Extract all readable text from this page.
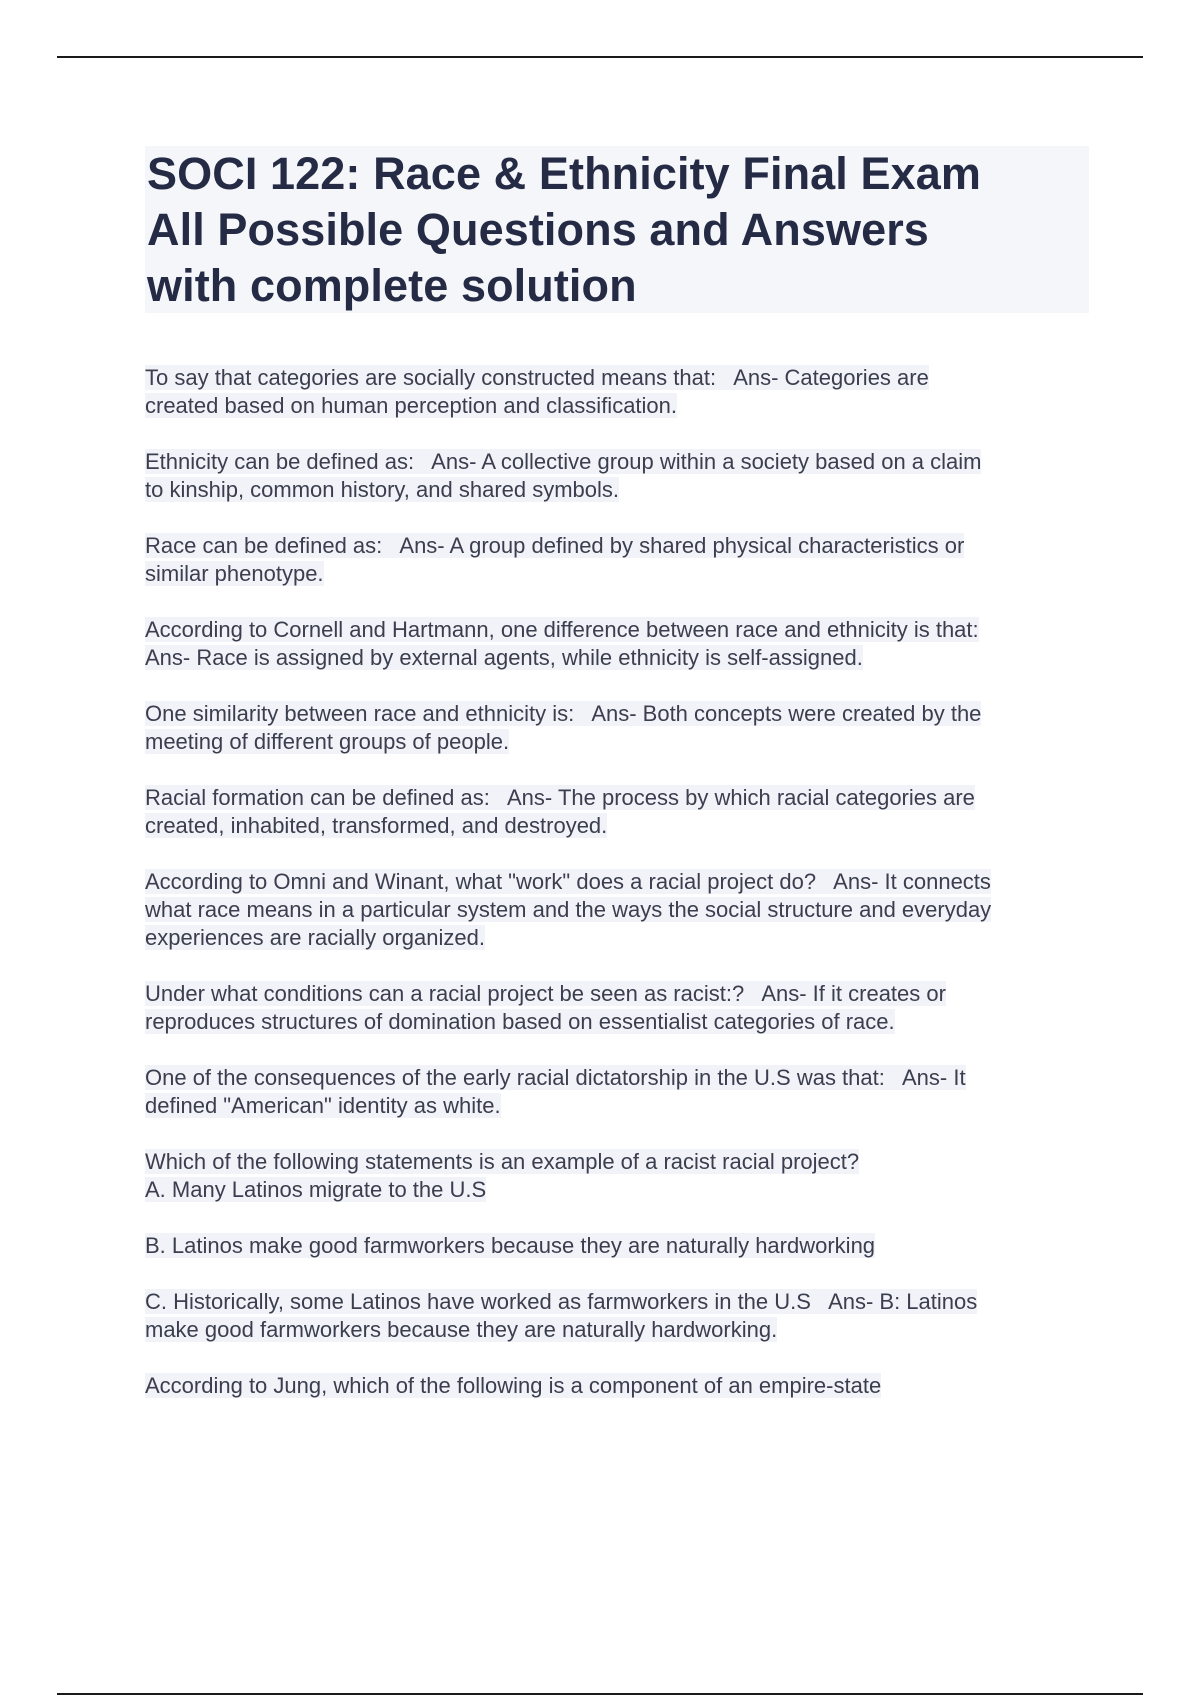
SOCI 122: Race & Ethnicity Final Exam
All Possible Questions and Answers
with complete solution

To say that categories are socially constructed means that:   Ans- Categories are
created based on human perception and classification.

Ethnicity can be defined as:   Ans- A collective group within a society based on a claim
to kinship, common history, and shared symbols.

Race can be defined as:   Ans- A group defined by shared physical characteristics or
similar phenotype.

According to Cornell and Hartmann, one difference between race and ethnicity is that:
Ans- Race is assigned by external agents, while ethnicity is self-assigned.

One similarity between race and ethnicity is:   Ans- Both concepts were created by the
meeting of different groups of people.

Racial formation can be defined as:   Ans- The process by which racial categories are
created, inhabited, transformed, and destroyed.

According to Omni and Winant, what "work" does a racial project do?   Ans- It connects
what race means in a particular system and the ways the social structure and everyday
experiences are racially organized.

Under what conditions can a racial project be seen as racist:?   Ans- If it creates or
reproduces structures of domination based on essentialist categories of race.

One of the consequences of the early racial dictatorship in the U.S was that:   Ans- It
defined "American" identity as white.

Which of the following statements is an example of a racist racial project?
A. Many Latinos migrate to the U.S

B. Latinos make good farmworkers because they are naturally hardworking

C. Historically, some Latinos have worked as farmworkers in the U.S   Ans- B: Latinos
make good farmworkers because they are naturally hardworking.

According to Jung, which of the following is a component of an empire-state
